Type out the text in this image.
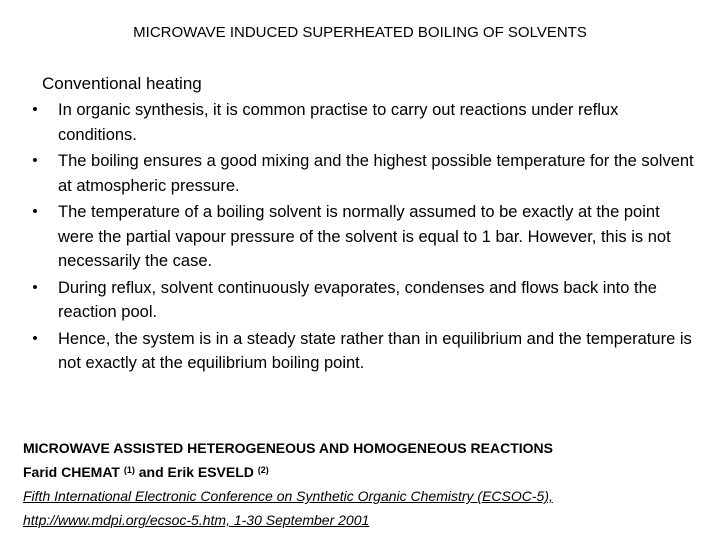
MICROWAVE INDUCED SUPERHEATED BOILING OF SOLVENTS
Conventional heating
• In organic synthesis, it is common practise to carry out reactions under reflux conditions.
• The boiling ensures a good mixing and the highest possible temperature for the solvent at atmospheric pressure.
• The temperature of a boiling solvent is normally assumed to be exactly at the point were the partial vapour pressure of the solvent is equal to 1 bar. However, this is not necessarily the case.
• During reflux, solvent continuously evaporates, condenses and flows back into the reaction pool.
• Hence, the system is in a steady state rather than in equilibrium and the temperature is not exactly at the equilibrium boiling point.
MICROWAVE ASSISTED HETEROGENEOUS AND HOMOGENEOUS REACTIONS
Farid CHEMAT $^{(1)}$ and Erik ESVELD $^{(2)}$
Fifth International Electronic Conference on Synthetic Organic Chemistry (ECSOC-5),
http://www.mdpi.org/ecsoc-5.htm, 1-30 September 2001
